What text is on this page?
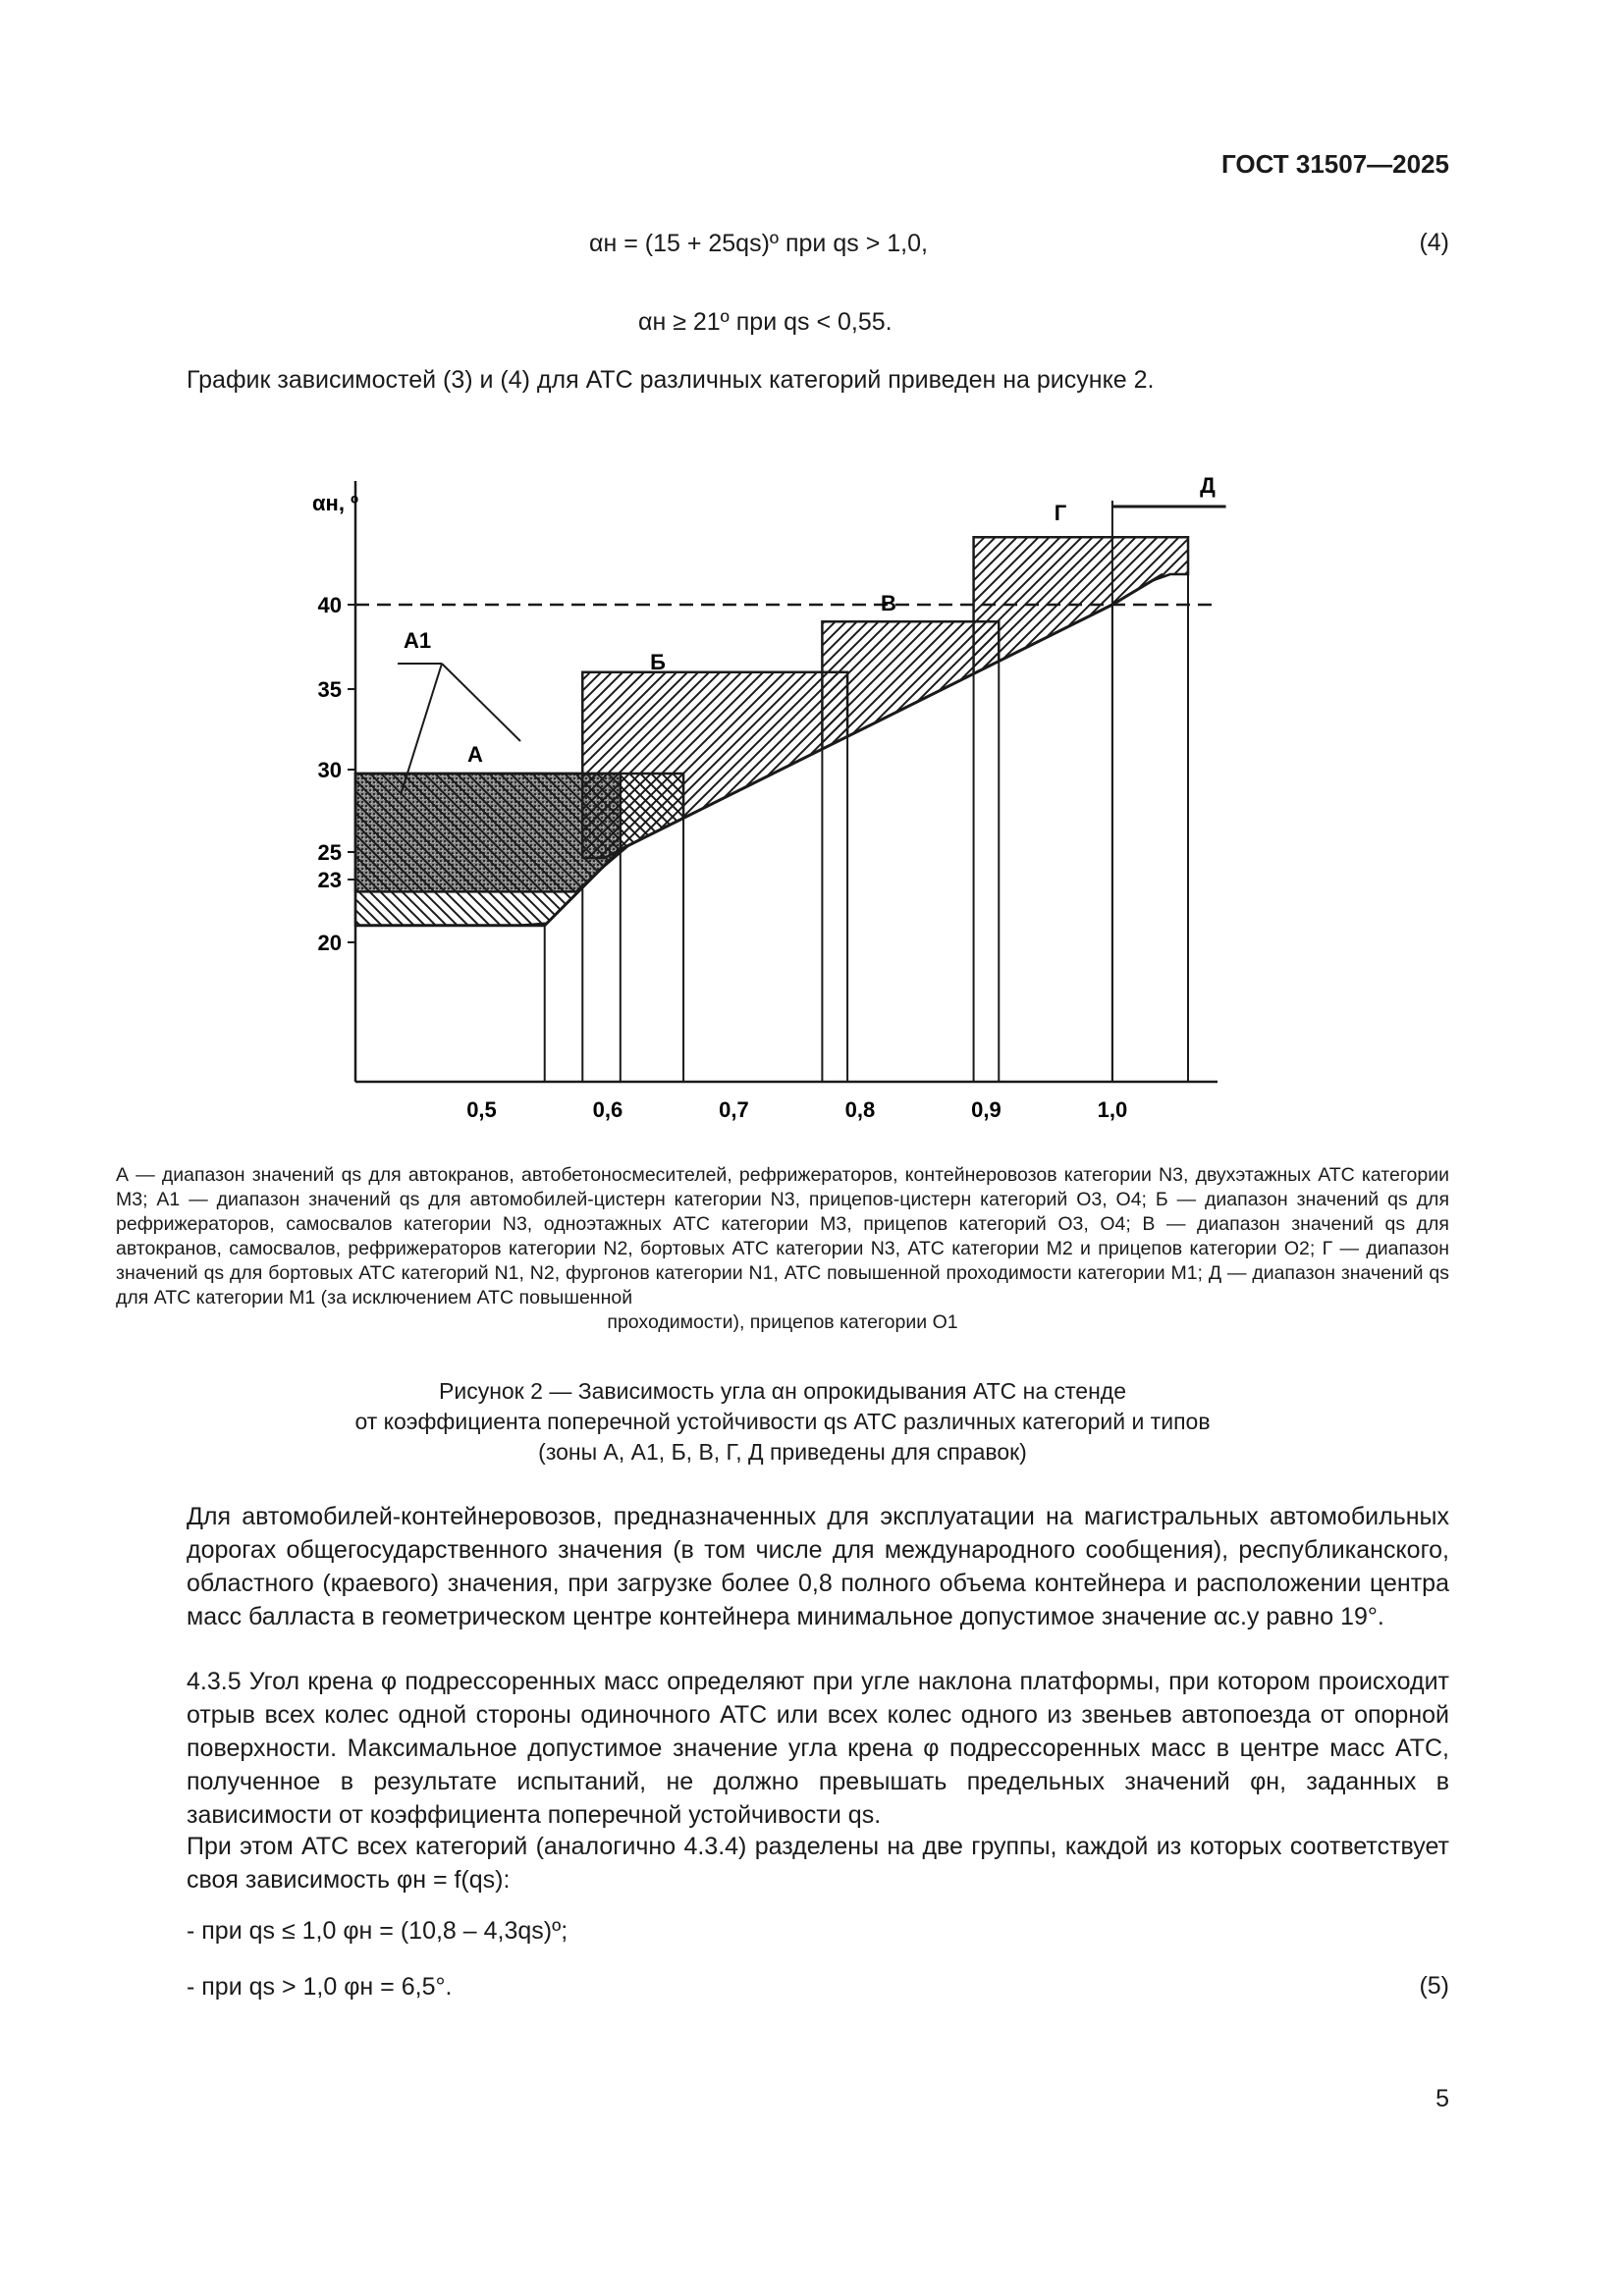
ГОСТ 31507—2025
αн = (15 + 25qs)º при qs > 1,0,	(4)
αн ≥ 21º при qs < 0,55.
График зависимостей (3) и (4) для АТС различных категорий приведен на рисунке 2.
40
35
30
25
23
20
αн, º
0,5	0,6	0,7	0,8	0,9	1,0
А1
Б
А
В
Г
Д
А — диапазон значений qs для автокранов, автобетоносмесителей, рефрижераторов, контейнеровозов категории N3, двухэтажных АТС категории M3; А1 — диапазон значений qs для автомобилей-цистерн категории N3, прицепов-цистерн категорий O3, O4; Б — диапазон значений qs для рефрижераторов, самосвалов категории N3, одноэтажных АТС категории M3, прицепов категорий O3, O4; В — диапазон значений qs для автокранов, самосвалов, рефрижераторов категории N2, бортовых АТС категории N3, АТС категории M2 и прицепов категории O2; Г — диапазон значений qs для бортовых АТС категорий N1, N2, фургонов категории N1, АТС повышенной проходимости категории M1; Д — диапазон значений qs для АТС категории M1 (за исключением АТС повышенной
проходимости), прицепов категории O1
Рисунок 2 — Зависимость угла αн опрокидывания АТС на стенде
от коэффициента поперечной устойчивости qs АТС различных категорий и типов
(зоны А, А1, Б, В, Г, Д приведены для справок)

Для автомобилей-контейнеровозов, предназначенных для эксплуатации на магистральных автомобильных дорогах общегосударственного значения (в том числе для международного сообщения), республиканского, областного (краевого) значения, при загрузке более 0,8 полного объема контейнера и расположении центра масс балласта в геометрическом центре контейнера минимальное допустимое значение αс.у равно 19°.

4.3.5 Угол крена φ подрессоренных масс определяют при угле наклона платформы, при котором происходит отрыв всех колес одной стороны одиночного АТС или всех колес одного из звеньев автопоезда от опорной поверхности. Максимальное допустимое значение угла крена φ подрессоренных масс в центре масс АТС, полученное в результате испытаний, не должно превышать предельных значений φн, заданных в зависимости от коэффициента поперечной устойчивости qs.

При этом АТС всех категорий (аналогично 4.3.4) разделены на две группы, каждой из которых соответствует своя зависимость φн = f(qs):

- при qs ≤ 1,0 φн = (10,8 – 4,3qs)º;
- при qs > 1,0 φн = 6,5°.	(5)
5
